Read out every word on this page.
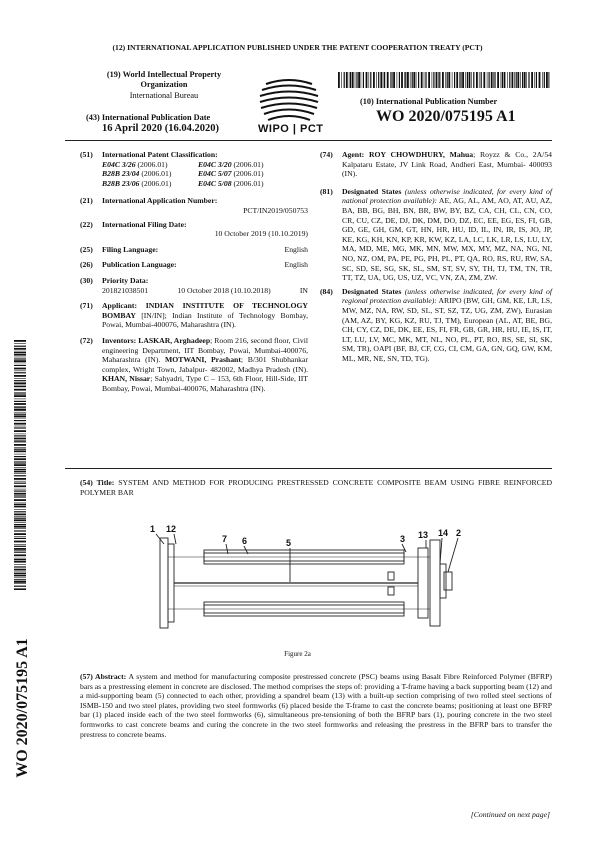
(12) INTERNATIONAL APPLICATION PUBLISHED UNDER THE PATENT COOPERATION TREATY (PCT)
(19) World Intellectual Property
Organization
International Bureau
WIPO | PCT
(10) International Publication Number
WO 2020/075195 A1
(43) International Publication Date
16 April 2020 (16.04.2020)
(51)	International Patent Classification:
E04C 3/26 (2006.01)	E04C 3/20 (2006.01)
B28B 23/04 (2006.01)	E04C 5/07 (2006.01)
B28B 23/06 (2006.01)	E04C 5/08 (2006.01)
(21)	International Application Number:
PCT/IN2019/050753
(22)	International Filing Date:
10 October 2019 (10.10.2019)
(25) Filing Language:	English
(26) Publication Language:	English
(30)	Priority Data:
201821038501	10 October 2018 (10.10.2018)	IN
(71)	Applicant: INDIAN INSTITUTE OF TECHNOLOGY BOMBAY [IN/IN]; Indian Institute of Technology Bombay, Powai, Mumbai-400076, Maharashtra (IN).
(72)	Inventors: LASKAR, Arghadeep; Room 216, second floor, Civil engineering Department, IIT Bombay, Powai, Mumbai-400076, Maharashtra (IN). MOTWANI, Prashant; B/301 Shubhankar complex, Wright Town, Jabalpur- 482002, Madhya Pradesh (IN). KHAN, Nissar; Sahyadri, Type C – 153, 6th Floor, Hill-Side, IIT Bombay, Powai, Mumbai-400076, Maharashtra (IN).
(74)	Agent: ROY CHOWDHURY, Mahua; Royzz & Co., 2A/54 Kalpataru Estate, JV Link Road, Andheri East, Mumbai- 400093 (IN).
(81)	Designated States (unless otherwise indicated, for every kind of national protection available): AE, AG, AL, AM, AO, AT, AU, AZ, BA, BB, BG, BH, BN, BR, BW, BY, BZ, CA, CH, CL, CN, CO, CR, CU, CZ, DE, DJ, DK, DM, DO, DZ, EC, EE, EG, ES, FI, GB, GD, GE, GH, GM, GT, HN, HR, HU, ID, IL, IN, IR, IS, JO, JP, KE, KG, KH, KN, KP, KR, KW, KZ, LA, LC, LK, LR, LS, LU, LY, MA, MD, ME, MG, MK, MN, MW, MX, MY, MZ, NA, NG, NI, NO, NZ, OM, PA, PE, PG, PH, PL, PT, QA, RO, RS, RU, RW, SA, SC, SD, SE, SG, SK, SL, SM, ST, SV, SY, TH, TJ, TM, TN, TR, TT, TZ, UA, UG, US, UZ, VC, VN, ZA, ZM, ZW.
(84)	Designated States (unless otherwise indicated, for every kind of regional protection available): ARIPO (BW, GH, GM, KE, LR, LS, MW, MZ, NA, RW, SD, SL, ST, SZ, TZ, UG, ZM, ZW), Eurasian (AM, AZ, BY, KG, KZ, RU, TJ, TM), European (AL, AT, BE, BG, CH, CY, CZ, DE, DK, EE, ES, FI, FR, GB, GR, HR, HU, IE, IS, IT, LT, LU, LV, MC, MK, MT, NL, NO, PL, PT, RO, RS, SE, SI, SK, SM, TR), OAPI (BF, BJ, CF, CG, CI, CM, GA, GN, GQ, GW, KM, ML, MR, NE, SN, TD, TG).
WO 2020/075195 A1
(54) Title: SYSTEM AND METHOD FOR PRODUCING PRESTRESSED CONCRETE COMPOSITE BEAM USING FIBRE REINFORCED POLYMER BAR
1 12
7 6	5	3 13 14 2
Figure 2a
(57) Abstract: A system and method for manufacturing composite prestressed concrete (PSC) beams using Basalt Fibre Reinforced Polymer (BFRP) bars as a prestressing element in concrete are disclosed. The method comprises the steps of: providing a T-frame having a back supporting beam (12) and a mid-supporting beam (5) connected to each other, providing a spandrel beam (13) with a built-up section comprising of two rolled steel sections of ISMB-150 and two steel plates, providing two steel formworks (6) placed beside the T-frame to cast the concrete beams; positioning at least one BFRP bar (1) placed inside each of the two steel formworks (6), simultaneous pre-tensioning of both the BFRP bars (1), pouring concrete in the two steel formworks to cast concrete beams and curing the concrete in the two steel formworks and releasing the prestress in the BFRP bars to transfer the prestress to concrete beams.
[Continued on next page]
